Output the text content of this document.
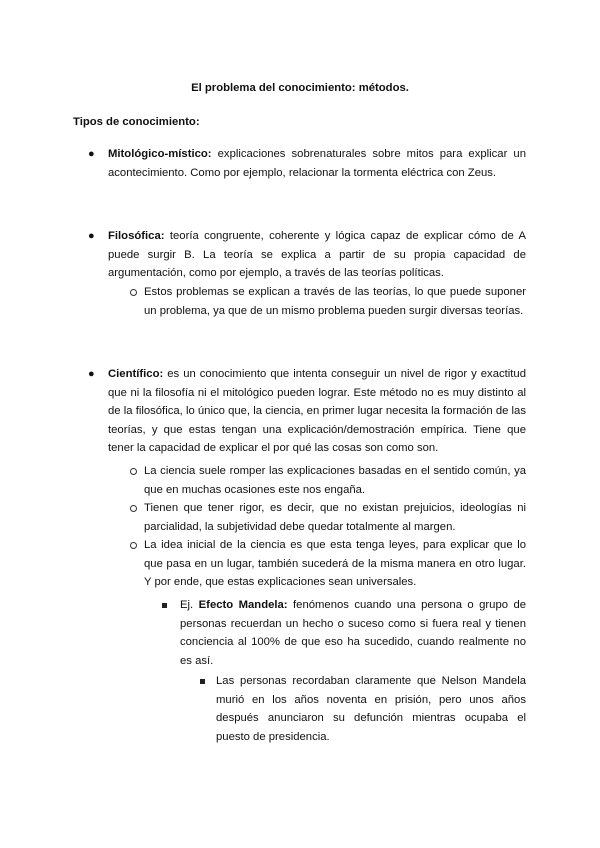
El problema del conocimiento: métodos.
Tipos de conocimiento:
● Mitológico-místico: explicaciones sobrenaturales sobre mitos para explicar un acontecimiento. Como por ejemplo, relacionar la tormenta eléctrica con Zeus.
● Filosófica: teoría congruente, coherente y lógica capaz de explicar cómo de A puede surgir B. La teoría se explica a partir de su propia capacidad de argumentación, como por ejemplo, a través de las teorías políticas.
Estos problemas se explican a través de las teorías, lo que puede suponer un problema, ya que de un mismo problema pueden surgir diversas teorías.
● Científico: es un conocimiento que intenta conseguir un nivel de rigor y exactitud que ni la filosofía ni el mitológico pueden lograr. Este método no es muy distinto al de la filosófica, lo único que, la ciencia, en primer lugar necesita la formación de las teorías, y que estas tengan una explicación/demostración empírica. Tiene que tener la capacidad de explicar el por qué las cosas son como son.
La ciencia suele romper las explicaciones basadas en el sentido común, ya que en muchas ocasiones este nos engaña.
Tienen que tener rigor, es decir, que no existan prejuicios, ideologías ni parcialidad, la subjetividad debe quedar totalmente al margen.
La idea inicial de la ciencia es que esta tenga leyes, para explicar que lo que pasa en un lugar, también sucederá de la misma manera en otro lugar. Y por ende, que estas explicaciones sean universales.
Ej. Efecto Mandela: fenómenos cuando una persona o grupo de personas recuerdan un hecho o suceso como si fuera real y tienen conciencia al 100% de que eso ha sucedido, cuando realmente no es así.
Las personas recordaban claramente que Nelson Mandela murió en los años noventa en prisión, pero unos años después anunciaron su defunción mientras ocupaba el puesto de presidencia.
